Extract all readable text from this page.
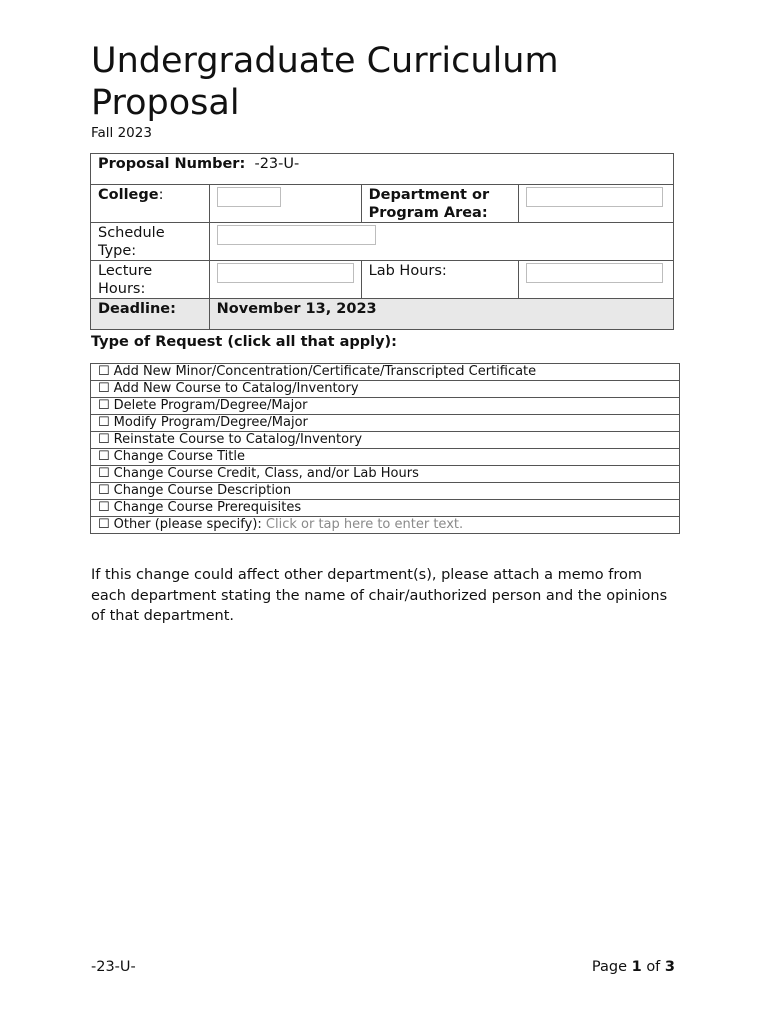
Undergraduate Curriculum Proposal
Fall 2023
Proposal Number: -23-U-			
College:		Department or Program Area:	

Schedule Type:			

Lecture Hours:		Lab Hours:	

Deadline:	November 13, 2023		
Type of Request (click all that apply):
☐ Add New Minor/Concentration/Certificate/Transcripted Certificate
☐ Add New Course to Catalog/Inventory
☐ Delete Program/Degree/Major
☐ Modify Program/Degree/Major
☐ Reinstate Course to Catalog/Inventory
☐ Change Course Title
☐ Change Course Credit, Class, and/or Lab Hours
☐ Change Course Description
☐ Change Course Prerequisites
☐ Other (please specify): Click or tap here to enter text.
If this change could affect other department(s), please attach a memo from each department stating the name of chair/authorized person and the opinions of that department.
-23-U-	Page 1 of 3
